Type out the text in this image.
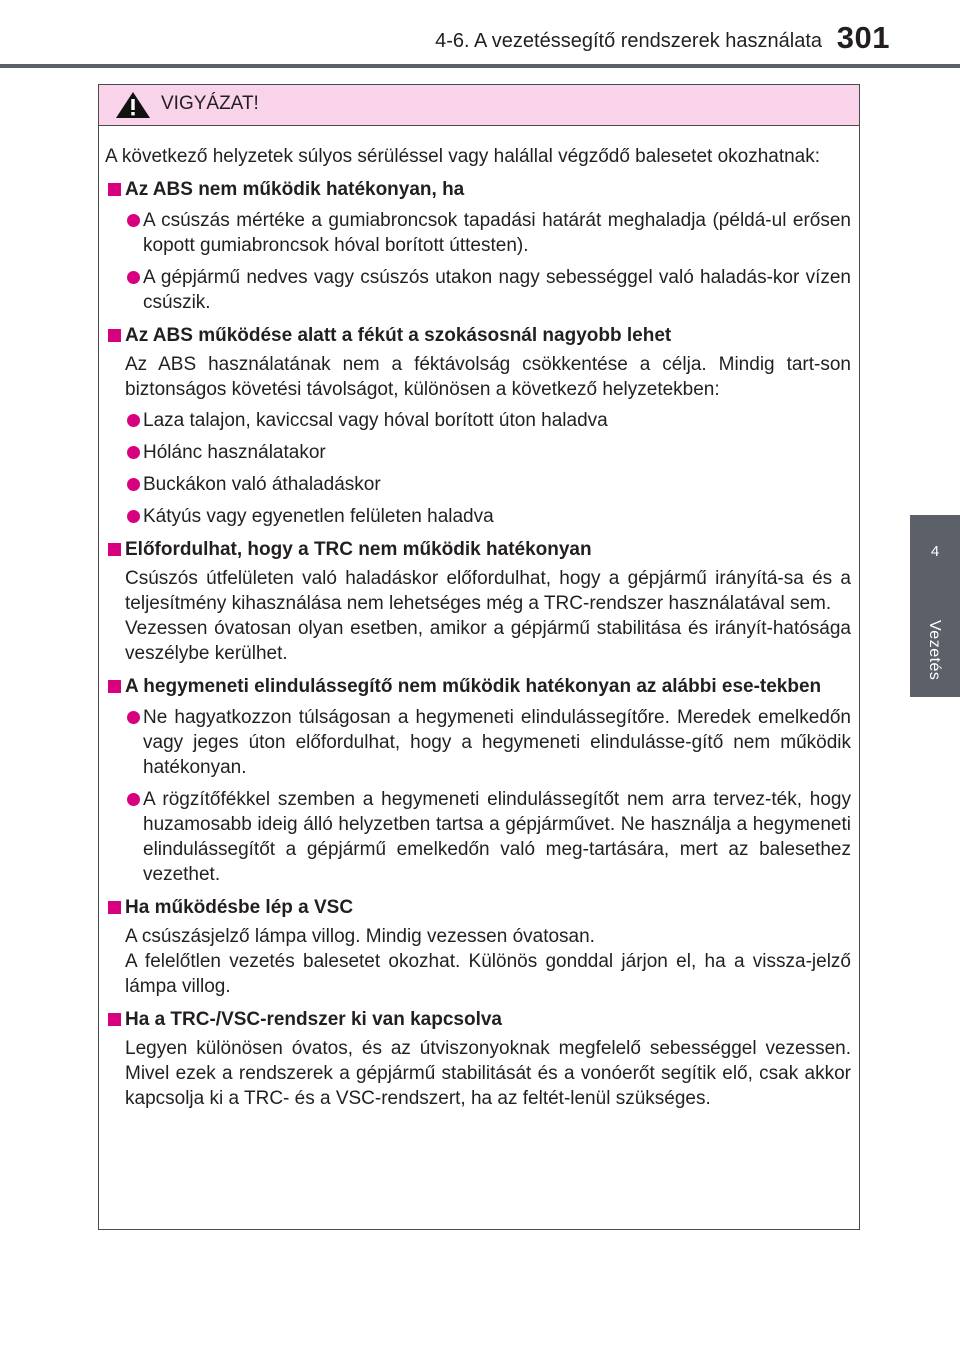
4-6. A vezetéssegítő rendszerek használata 301
4
Vezetés
VIGYÁZAT!
A következő helyzetek súlyos sérüléssel vagy halállal végződő balesetet okozhatnak:
Az ABS nem működik hatékonyan, ha
A csúszás mértéke a gumiabroncsok tapadási határát meghaladja (példá-ul erősen kopott gumiabroncsok hóval borított úttesten).
A gépjármű nedves vagy csúszós utakon nagy sebességgel való haladás-kor vízen csúszik.
Az ABS működése alatt a fékút a szokásosnál nagyobb lehet
Az ABS használatának nem a féktávolság csökkentése a célja. Mindig tart-son biztonságos követési távolságot, különösen a következő helyzetekben:
Laza talajon, kaviccsal vagy hóval borított úton haladva
Hólánc használatakor
Buckákon való áthaladáskor
Kátyús vagy egyenetlen felületen haladva
Előfordulhat, hogy a TRC nem működik hatékonyan
Csúszós útfelületen való haladáskor előfordulhat, hogy a gépjármű irányítá-sa és a teljesítmény kihasználása nem lehetséges még a TRC-rendszer használatával sem.
Vezessen óvatosan olyan esetben, amikor a gépjármű stabilitása és irányít-hatósága veszélybe kerülhet.
A hegymeneti elindulássegítő nem működik hatékonyan az alábbi ese-tekben
Ne hagyatkozzon túlságosan a hegymeneti elindulássegítőre. Meredek emelkedőn vagy jeges úton előfordulhat, hogy a hegymeneti elindulásse-gítő nem működik hatékonyan.
A rögzítőfékkel szemben a hegymeneti elindulássegítőt nem arra tervez-ték, hogy huzamosabb ideig álló helyzetben tartsa a gépjárművet. Ne használja a hegymeneti elindulássegítőt a gépjármű emelkedőn való meg-tartására, mert az balesethez vezethet.
Ha működésbe lép a VSC
A csúszásjelző lámpa villog. Mindig vezessen óvatosan.
A felelőtlen vezetés balesetet okozhat. Különös gonddal járjon el, ha a vissza-jelző lámpa villog.
Ha a TRC-/VSC-rendszer ki van kapcsolva
Legyen különösen óvatos, és az útviszonyoknak megfelelő sebességgel vezessen. Mivel ezek a rendszerek a gépjármű stabilitását és a vonóerőt segítik elő, csak akkor kapcsolja ki a TRC- és a VSC-rendszert, ha az feltét-lenül szükséges.
